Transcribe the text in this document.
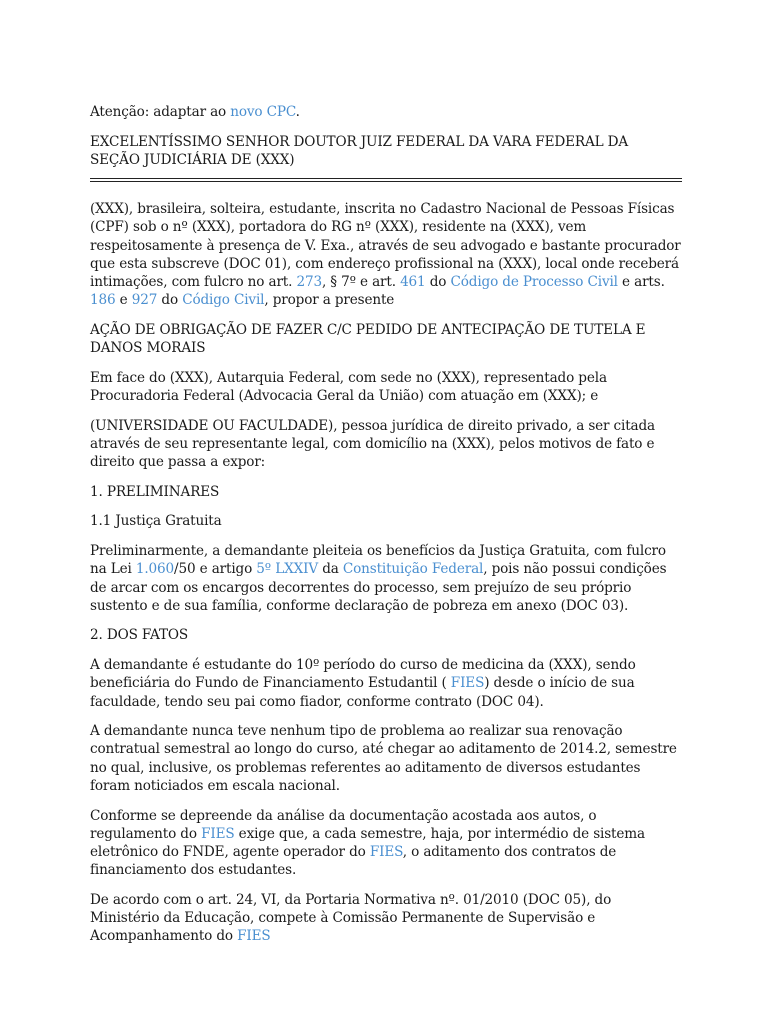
Atenção: adaptar ao novo CPC.

EXCELENTÍSSIMO SENHOR DOUTOR JUIZ FEDERAL DA VARA FEDERAL DA SEÇÃO JUDICIÁRIA DE (XXX)

(XXX), brasileira, solteira, estudante, inscrita no Cadastro Nacional de Pessoas Físicas (CPF) sob o nº (XXX), portadora do RG nº (XXX), residente na (XXX), vem respeitosamente à presença de V. Exa., através de seu advogado e bastante procurador que esta subscreve (DOC 01), com endereço profissional na (XXX), local onde receberá intimações, com fulcro no art. 273, § 7º e art. 461 do Código de Processo Civil e arts. 186 e 927 do Código Civil, propor a presente

AÇÃO DE OBRIGAÇÃO DE FAZER C/C PEDIDO DE ANTECIPAÇÃO DE TUTELA E DANOS MORAIS

Em face do (XXX), Autarquia Federal, com sede no (XXX), representado pela Procuradoria Federal (Advocacia Geral da União) com atuação em (XXX); e

(UNIVERSIDADE OU FACULDADE), pessoa jurídica de direito privado, a ser citada através de seu representante legal, com domicílio na (XXX), pelos motivos de fato e direito que passa a expor:

1. PRELIMINARES

1.1 Justiça Gratuita

Preliminarmente, a demandante pleiteia os benefícios da Justiça Gratuita, com fulcro na Lei 1.060/50 e artigo 5º LXXIV da Constituição Federal, pois não possui condições de arcar com os encargos decorrentes do processo, sem prejuízo de seu próprio sustento e de sua família, conforme declaração de pobreza em anexo (DOC 03).

2. DOS FATOS

A demandante é estudante do 10º período do curso de medicina da (XXX), sendo beneficiária do Fundo de Financiamento Estudantil ( FIES) desde o início de sua faculdade, tendo seu pai como fiador, conforme contrato (DOC 04).

A demandante nunca teve nenhum tipo de problema ao realizar sua renovação contratual semestral ao longo do curso, até chegar ao aditamento de 2014.2, semestre no qual, inclusive, os problemas referentes ao aditamento de diversos estudantes foram noticiados em escala nacional.

Conforme se depreende da análise da documentação acostada aos autos, o regulamento do FIES exige que, a cada semestre, haja, por intermédio de sistema eletrônico do FNDE, agente operador do FIES, o aditamento dos contratos de financiamento dos estudantes.

De acordo com o art. 24, VI, da Portaria Normativa nº. 01/2010 (DOC 05), do Ministério da Educação, compete à Comissão Permanente de Supervisão e Acompanhamento do FIES
